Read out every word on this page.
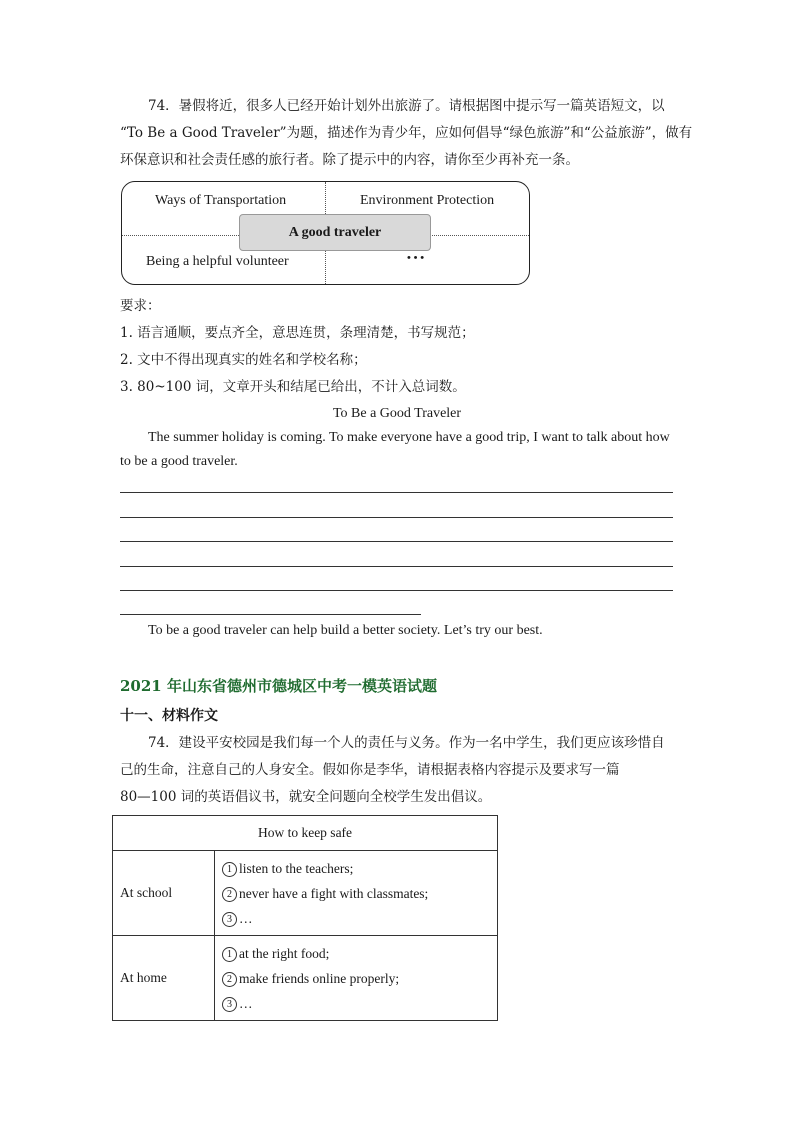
74．暑假将近，很多人已经开始计划外出旅游了。请根据图中提示写一篇英语短文，以
“To Be a Good Traveler”为题，描述作为青少年，应如何倡导“绿色旅游”和“公益旅游”，做有
环保意识和社会责任感的旅行者。除了提示中的内容，请你至少再补充一条。
Ways of Transportation	Environment Protection
A good traveler
Being a helpful volunteer	• • •
要求：
1. 语言通顺，要点齐全，意思连贯，条理清楚，书写规范；
2. 文中不得出现真实的姓名和学校名称；
3. 80~100 词，文章开头和结尾已给出，不计入总词数。
To Be a Good Traveler
The summer holiday is coming. To make everyone have a good trip, I want to talk about how
to be a good traveler.
To be a good traveler can help build a better society. Let’s try our best.
2021 年山东省德州市德城区中考一模英语试题
十一、材料作文
74．建设平安校园是我们每一个人的责任与义务。作为一名中学生，我们更应该珍惜自
己的生命，注意自己的人身安全。假如你是李华，请根据表格内容提示及要求写一篇
80—100 词的英语倡议书，就安全问题向全校学生发出倡议。
How to keep safe	
At school	1 listen to the teachers;
2 never have a fight with classmates;
3 …

At home	1 at the right food;
2 make friends online properly;
3 …
